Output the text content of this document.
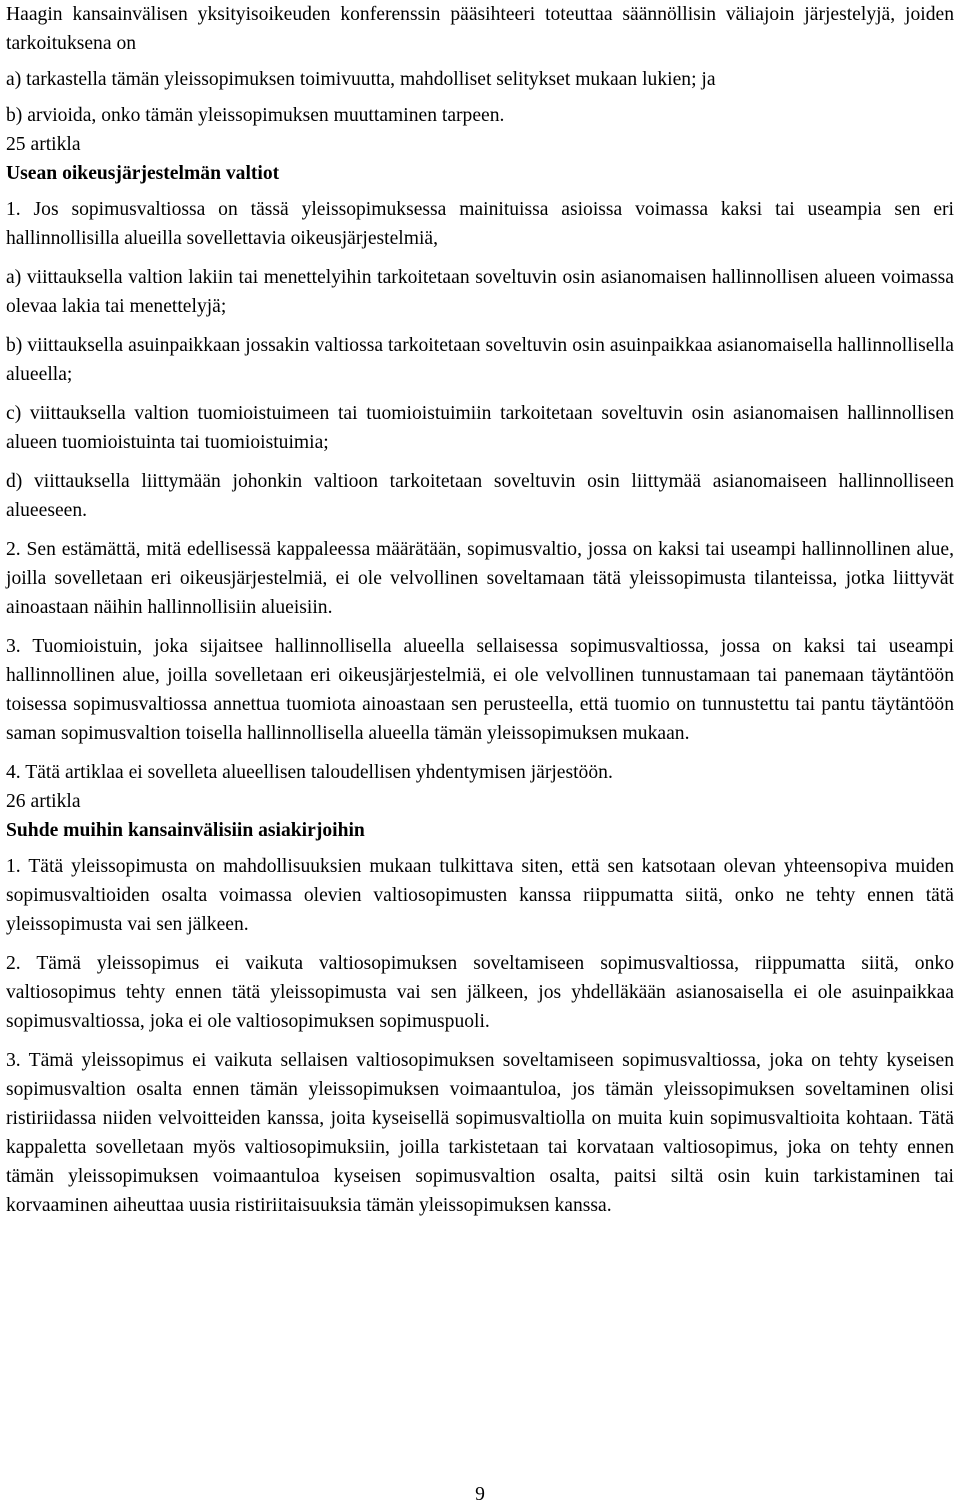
Haagin kansainvälisen yksityisoikeuden konferenssin pääsihteeri toteuttaa säännöllisin väliajoin järjestelyjä, joiden tarkoituksena on

a) tarkastella tämän yleissopimuksen toimivuutta, mahdolliset selitykset mukaan lukien; ja

b) arvioida, onko tämän yleissopimuksen muuttaminen tarpeen.

25 artikla

Usean oikeusjärjestelmän valtiot

1. Jos sopimusvaltiossa on tässä yleissopimuksessa mainituissa asioissa voimassa kaksi tai useampia sen eri hallinnollisilla alueilla sovellettavia oikeusjärjestelmiä,

a) viittauksella valtion lakiin tai menettelyihin tarkoitetaan soveltuvin osin asianomaisen hallinnollisen alueen voimassa olevaa lakia tai menettelyjä;

b) viittauksella asuinpaikkaan jossakin valtiossa tarkoitetaan soveltuvin osin asuinpaikkaa asianomaisella hallinnollisella alueella;

c) viittauksella valtion tuomioistuimeen tai tuomioistuimiin tarkoitetaan soveltuvin osin asianomaisen hallinnollisen alueen tuomioistuinta tai tuomioistuimia;

d) viittauksella liittymään johonkin valtioon tarkoitetaan soveltuvin osin liittymää asianomaiseen hallinnolliseen alueeseen.

2. Sen estämättä, mitä edellisessä kappaleessa määrätään, sopimusvaltio, jossa on kaksi tai useampi hallinnollinen alue, joilla sovelletaan eri oikeusjärjestelmiä, ei ole velvollinen soveltamaan tätä yleissopimusta tilanteissa, jotka liittyvät ainoastaan näihin hallinnollisiin alueisiin.

3. Tuomioistuin, joka sijaitsee hallinnollisella alueella sellaisessa sopimusvaltiossa, jossa on kaksi tai useampi hallinnollinen alue, joilla sovelletaan eri oikeusjärjestelmiä, ei ole velvollinen tunnustamaan tai panemaan täytäntöön toisessa sopimusvaltiossa annettua tuomiota ainoastaan sen perusteella, että tuomio on tunnustettu tai pantu täytäntöön saman sopimusvaltion toisella hallinnollisella alueella tämän yleissopimuksen mukaan.

4. Tätä artiklaa ei sovelleta alueellisen taloudellisen yhdentymisen järjestöön.

26 artikla

Suhde muihin kansainvälisiin asiakirjoihin

1. Tätä yleissopimusta on mahdollisuuksien mukaan tulkittava siten, että sen katsotaan olevan yhteensopiva muiden sopimusvaltioiden osalta voimassa olevien valtiosopimusten kanssa riippumatta siitä, onko ne tehty ennen tätä yleissopimusta vai sen jälkeen.

2. Tämä yleissopimus ei vaikuta valtiosopimuksen soveltamiseen sopimusvaltiossa, riippumatta siitä, onko valtiosopimus tehty ennen tätä yleissopimusta vai sen jälkeen, jos yhdelläkään asianosaisella ei ole asuinpaikkaa sopimusvaltiossa, joka ei ole valtiosopimuksen sopimuspuoli.

3. Tämä yleissopimus ei vaikuta sellaisen valtiosopimuksen soveltamiseen sopimusvaltiossa, joka on tehty kyseisen sopimusvaltion osalta ennen tämän yleissopimuksen voimaantuloa, jos tämän yleissopimuksen soveltaminen olisi ristiriidassa niiden velvoitteiden kanssa, joita kyseisellä sopimusvaltiolla on muita kuin sopimusvaltioita kohtaan. Tätä kappaletta sovelletaan myös valtiosopimuksiin, joilla tarkistetaan tai korvataan valtiosopimus, joka on tehty ennen tämän yleissopimuksen voimaantuloa kyseisen sopimusvaltion osalta, paitsi siltä osin kuin tarkistaminen tai korvaaminen aiheuttaa uusia ristiriitaisuuksia tämän yleissopimuksen kanssa.

9
